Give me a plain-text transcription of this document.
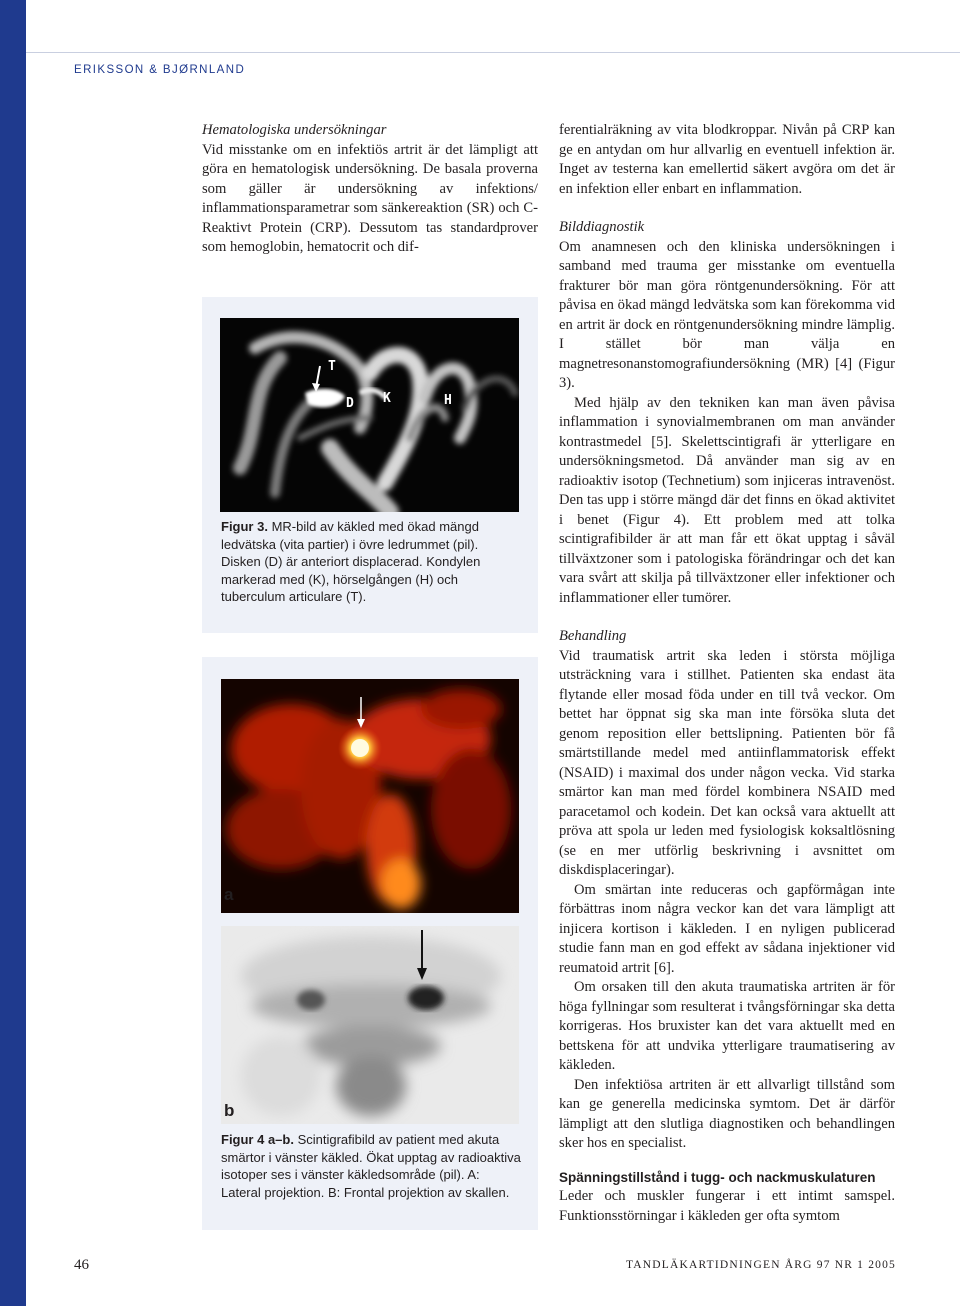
ERIKSSON & BJØRNLAND

Hematologiska undersökningar

Vid misstanke om en infektiös artrit är det lämpligt att göra en hematologisk undersökning. De basala proverna som gäller är undersökning av infektions/ inflammationsparametrar som sänkereaktion (SR) och C-Reaktivt Protein (CRP). Dessutom tas standardprover som hemoglobin, hematocrit och dif-

T
D K	H
Figur 3. MR-bild av käkled med ökad mängd ledvätska (vita partier) i övre ledrummet (pil). Disken (D) är anteriort displacerad. Kondylen markerad med (K), hörselgången (H) och tuberculum articulare (T).
a
b
Figur 4 a–b. Scintigrafibild av patient med akuta smärtor i vänster käkled. Ökat upptag av radioaktiva isotoper ses i vänster käkledsområde (pil). A: Lateral projektion. B: Frontal projektion av skallen.

ferentialräkning av vita blodkroppar. Nivån på CRP kan ge en antydan om hur allvarlig en eventuell infektion är. Inget av testerna kan emellertid säkert avgöra om det är en infektion eller enbart en inflammation.

Bilddiagnostik

Om anamnesen och den kliniska undersökningen i samband med trauma ger misstanke om eventuella frakturer bör man göra röntgenundersökning. För att påvisa en ökad mängd ledvätska som kan förekomma vid en artrit är dock en röntgenundersökning mindre lämplig. I stället bör man välja en magnetresonanstomografiundersökning (MR) [4] (Figur 3).

Med hjälp av den tekniken kan man även påvisa inflammation i synovialmembranen om man använder kontrastmedel [5]. Skelettscintigrafi är ytterligare en undersökningsmetod. Då använder man sig av en radioaktiv isotop (Technetium) som injiceras intravenöst. Den tas upp i större mängd där det finns en ökad aktivitet i benet (Figur 4). Ett problem med att tolka scintigrafibilder är att man får ett ökat upptag i såväl tillväxtzoner som i patologiska förändringar och det kan vara svårt att skilja på tillväxtzoner eller infektioner och inflammationer eller tumörer.

Behandling

Vid traumatisk artrit ska leden i största möjliga utsträckning vara i stillhet. Patienten ska endast äta flytande eller mosad föda under en till två veckor. Om bettet har öppnat sig ska man inte försöka sluta det genom reposition eller bettslipning. Patienten bör få smärtstillande medel med antiinflammatorisk effekt (NSAID) i maximal dos under någon vecka. Vid starka smärtor kan man med fördel kombinera NSAID med paracetamol och kodein. Det kan också vara aktuellt att pröva att spola ur leden med fysiologisk koksaltlösning (se en mer utförlig beskrivning i avsnittet om diskdisplaceringar).

Om smärtan inte reduceras och gapförmågan inte förbättras inom några veckor kan det vara lämpligt att injicera kortison i käkleden. I en nyligen publicerad studie fann man en god effekt av sådana injektioner vid reumatoid artrit [6].

Om orsaken till den akuta traumatiska artriten är för höga fyllningar som resulterat i tvångsförningar ska detta korrigeras. Hos bruxister kan det vara aktuellt med en bettskena för att undvika ytterligare traumatisering av käkleden.

Den infektiösa artriten är ett allvarligt tillstånd som kan ge generella medicinska symtom. Det är därför lämpligt att den slutliga diagnostiken och behandlingen sker hos en specialist.

Spänningstillstånd i tugg- och nackmuskulaturen

Leder och muskler fungerar i ett intimt samspel. Funktionsstörningar i käkleden ger ofta symtom

46	TANDLÄKARTIDNINGEN ÅRG 97 NR 1 2005
